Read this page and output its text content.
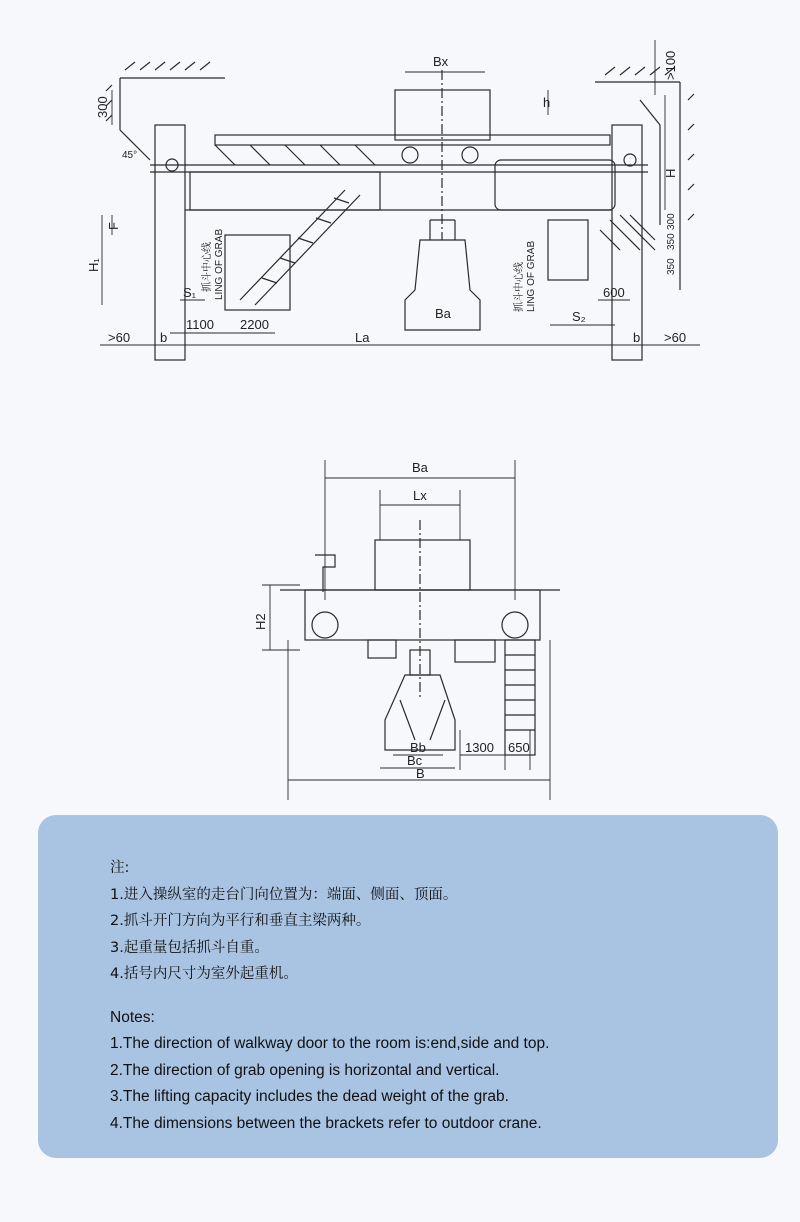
Bx
h
>100
H
300
45°
F
H₁
S₁
抓斗中心线 LING OF GRAB
1100 2200
Ba
抓斗中心线 LING OF GRAB
S₂
600
350
350
300
>60	>60
b	b
La
Ba
Lx
H2
Bb
Bc
B
1300 650
注:
1.进入操纵室的走台门向位置为：端面、侧面、顶面。
2.抓斗开门方向为平行和垂直主梁两种。
3.起重量包括抓斗自重。
4.括号内尺寸为室外起重机。
Notes:
1.The direction of walkway door to the room is:end,side and top.
2.The direction of grab opening is horizontal and vertical.
3.The lifting capacity includes the dead weight of the grab.
4.The dimensions between the brackets refer to outdoor crane.
